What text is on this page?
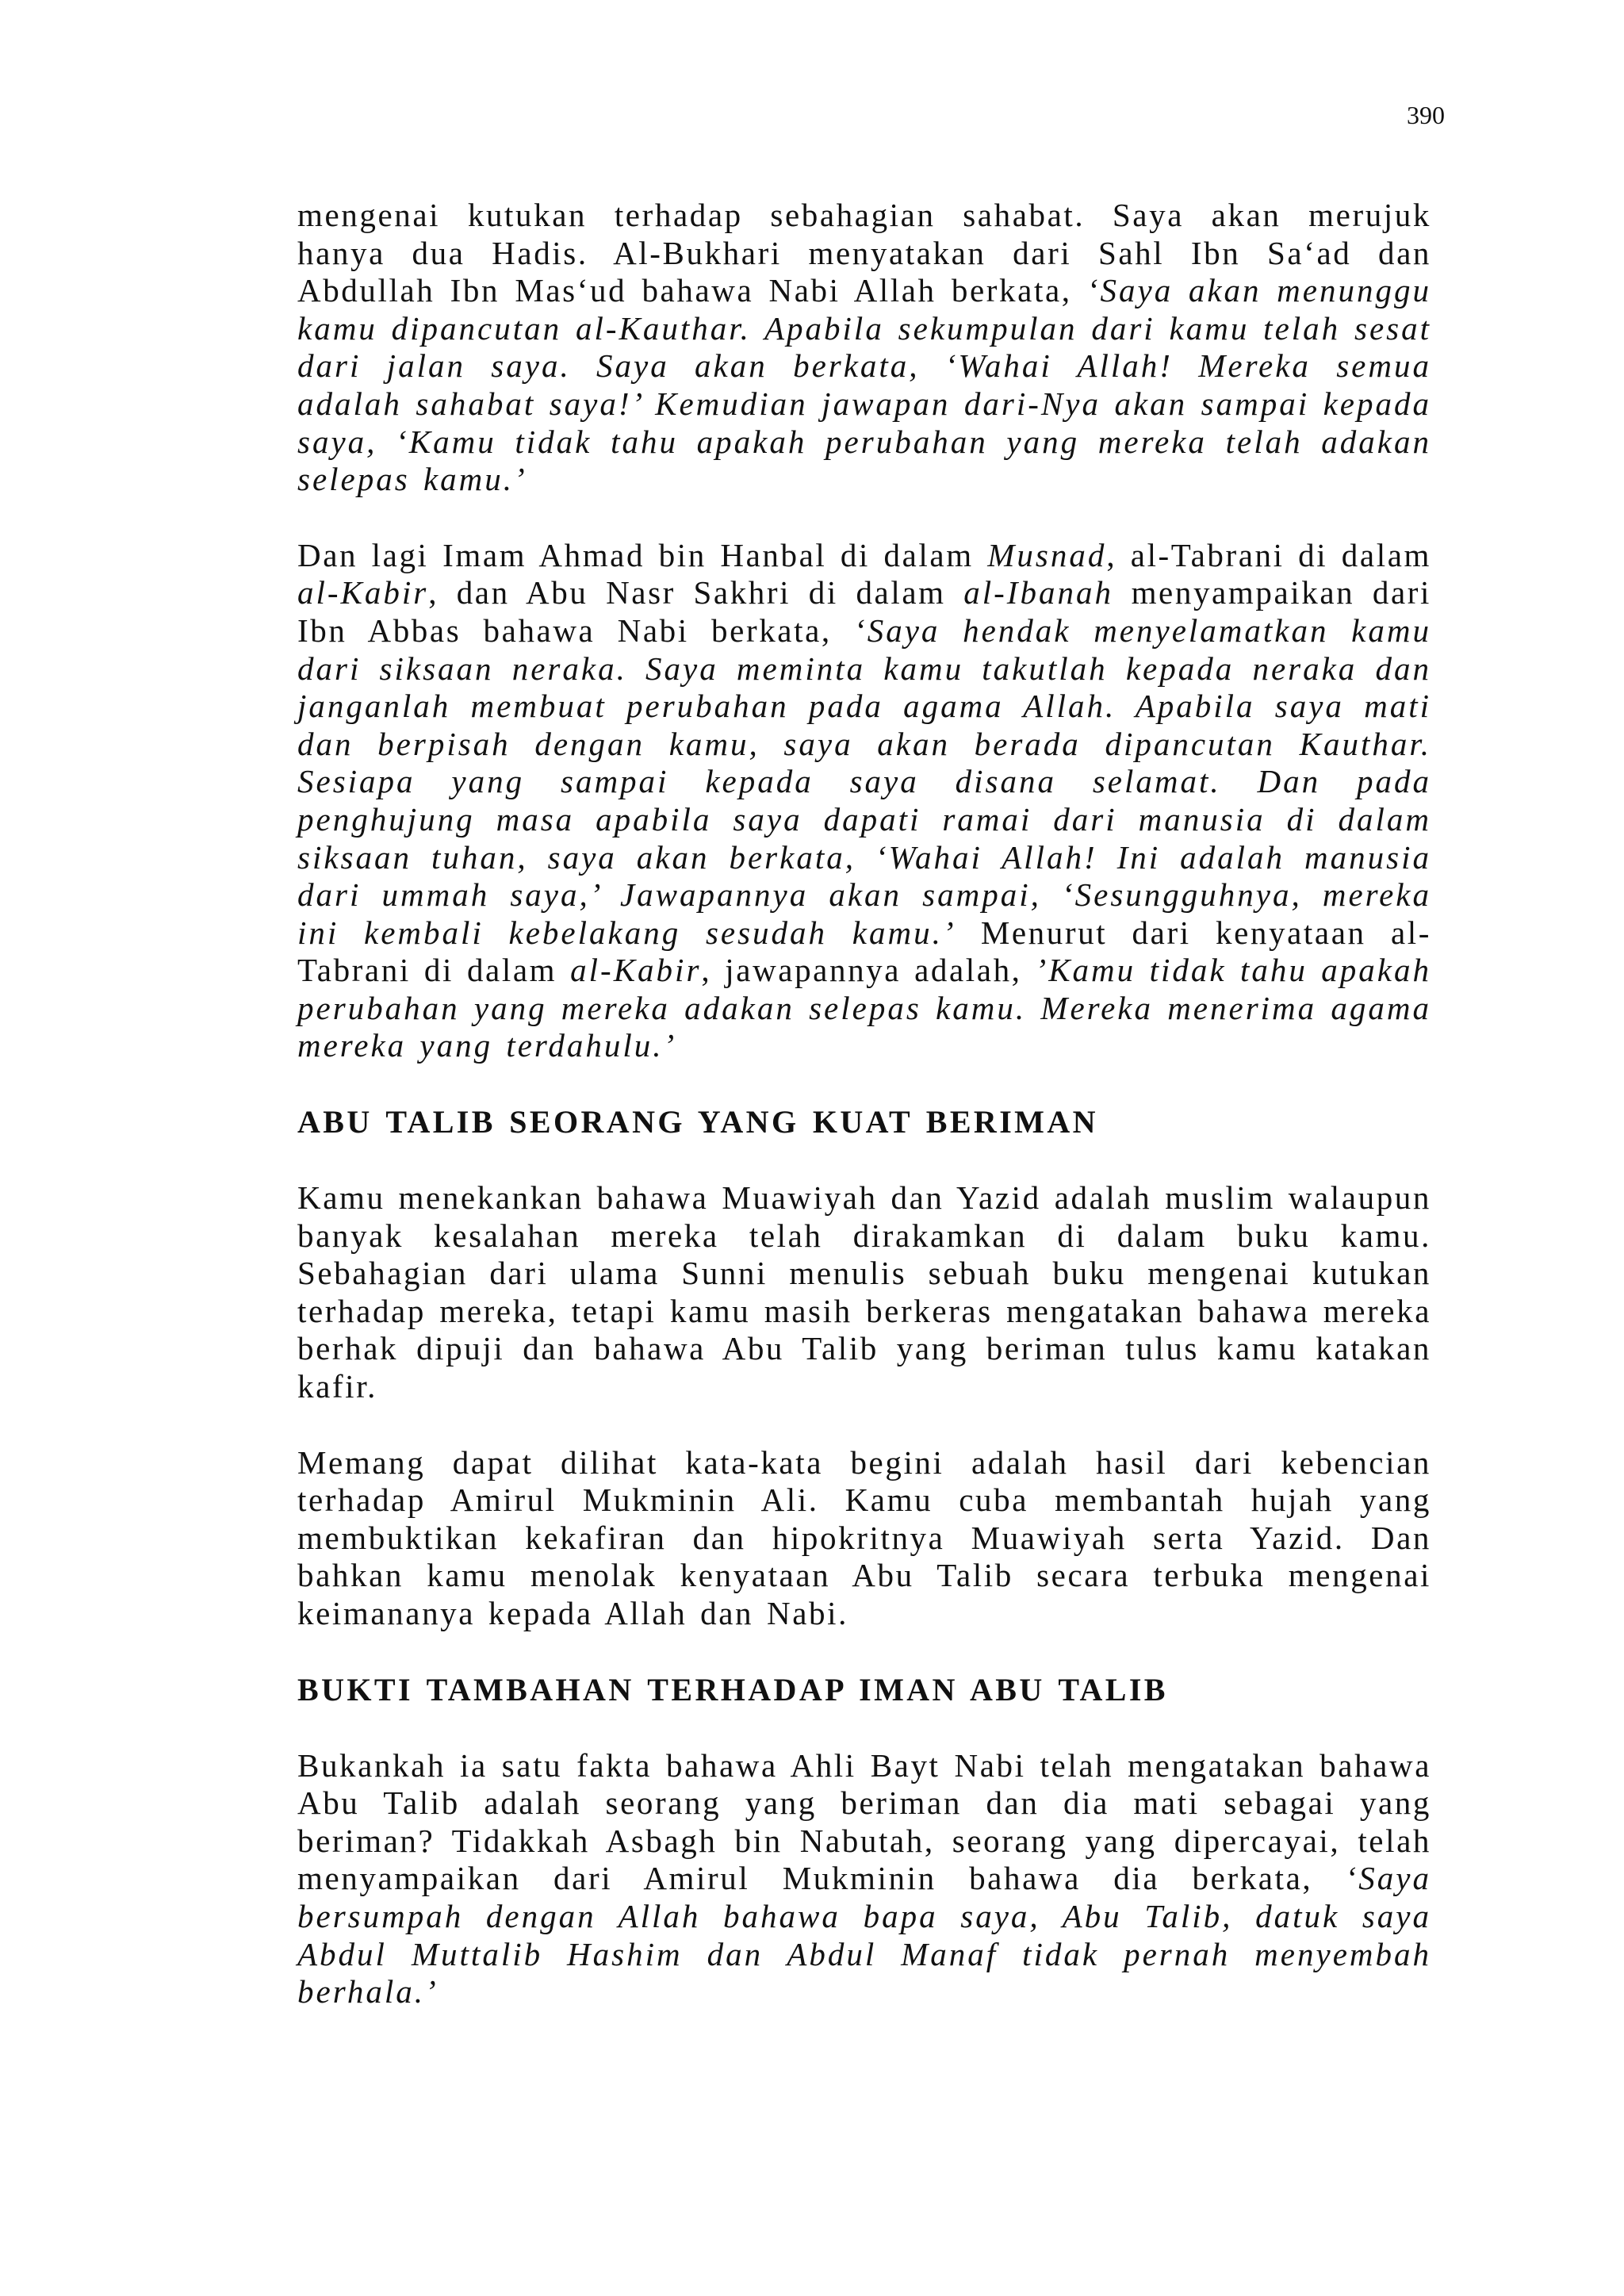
390

mengenai kutukan terhadap sebahagian sahabat. Saya akan merujuk hanya dua Hadis. Al-Bukhari menyatakan dari Sahl Ibn Sa‘ad dan Abdullah Ibn Mas‘ud bahawa Nabi Allah berkata, ‘Saya akan menunggu kamu dipancutan al-Kauthar. Apabila sekumpulan dari kamu telah sesat dari jalan saya. Saya akan berkata, ‘Wahai Allah! Mereka semua adalah sahabat saya!’ Kemudian jawapan dari-Nya akan sampai kepada saya, ‘Kamu tidak tahu apakah perubahan yang mereka telah adakan selepas kamu.’

Dan lagi Imam Ahmad bin Hanbal di dalam Musnad, al-Tabrani di dalam al-Kabir, dan Abu Nasr Sakhri di dalam al-Ibanah menyampaikan dari Ibn Abbas bahawa Nabi berkata, ‘Saya hendak menyelamatkan kamu dari siksaan neraka. Saya meminta kamu takutlah kepada neraka dan janganlah membuat perubahan pada agama Allah. Apabila saya mati dan berpisah dengan kamu, saya akan berada dipancutan Kauthar. Sesiapa yang sampai kepada saya disana selamat. Dan pada penghujung masa apabila saya dapati ramai dari manusia di dalam siksaan tuhan, saya akan berkata, ‘Wahai Allah! Ini adalah manusia dari ummah saya,’ Jawapannya akan sampai, ‘Sesungguhnya, mereka ini kembali kebelakang sesudah kamu.’ Menurut dari kenyataan al-Tabrani di dalam al-Kabir, jawapannya adalah, ’Kamu tidak tahu apakah perubahan yang mereka adakan selepas kamu. Mereka menerima agama mereka yang terdahulu.’

ABU TALIB SEORANG YANG KUAT BERIMAN

Kamu menekankan bahawa Muawiyah dan Yazid adalah muslim walaupun banyak kesalahan mereka telah dirakamkan di dalam buku kamu. Sebahagian dari ulama Sunni menulis sebuah buku mengenai kutukan terhadap mereka, tetapi kamu masih berkeras mengatakan bahawa mereka berhak dipuji dan bahawa Abu Talib yang beriman tulus kamu katakan kafir.

Memang dapat dilihat kata-kata begini adalah hasil dari kebencian terhadap Amirul Mukminin Ali. Kamu cuba membantah hujah yang membuktikan kekafiran dan hipokritnya Muawiyah serta Yazid. Dan bahkan kamu menolak kenyataan Abu Talib secara terbuka mengenai keimananya kepada Allah dan Nabi.

BUKTI TAMBAHAN TERHADAP IMAN ABU TALIB

Bukankah ia satu fakta bahawa Ahli Bayt Nabi telah mengatakan bahawa Abu Talib adalah seorang yang beriman dan dia mati sebagai yang beriman? Tidakkah Asbagh bin Nabutah, seorang yang dipercayai, telah menyampaikan dari Amirul Mukminin bahawa dia berkata, ‘Saya bersumpah dengan Allah bahawa bapa saya, Abu Talib, datuk saya Abdul Muttalib Hashim dan Abdul Manaf tidak pernah menyembah berhala.’
